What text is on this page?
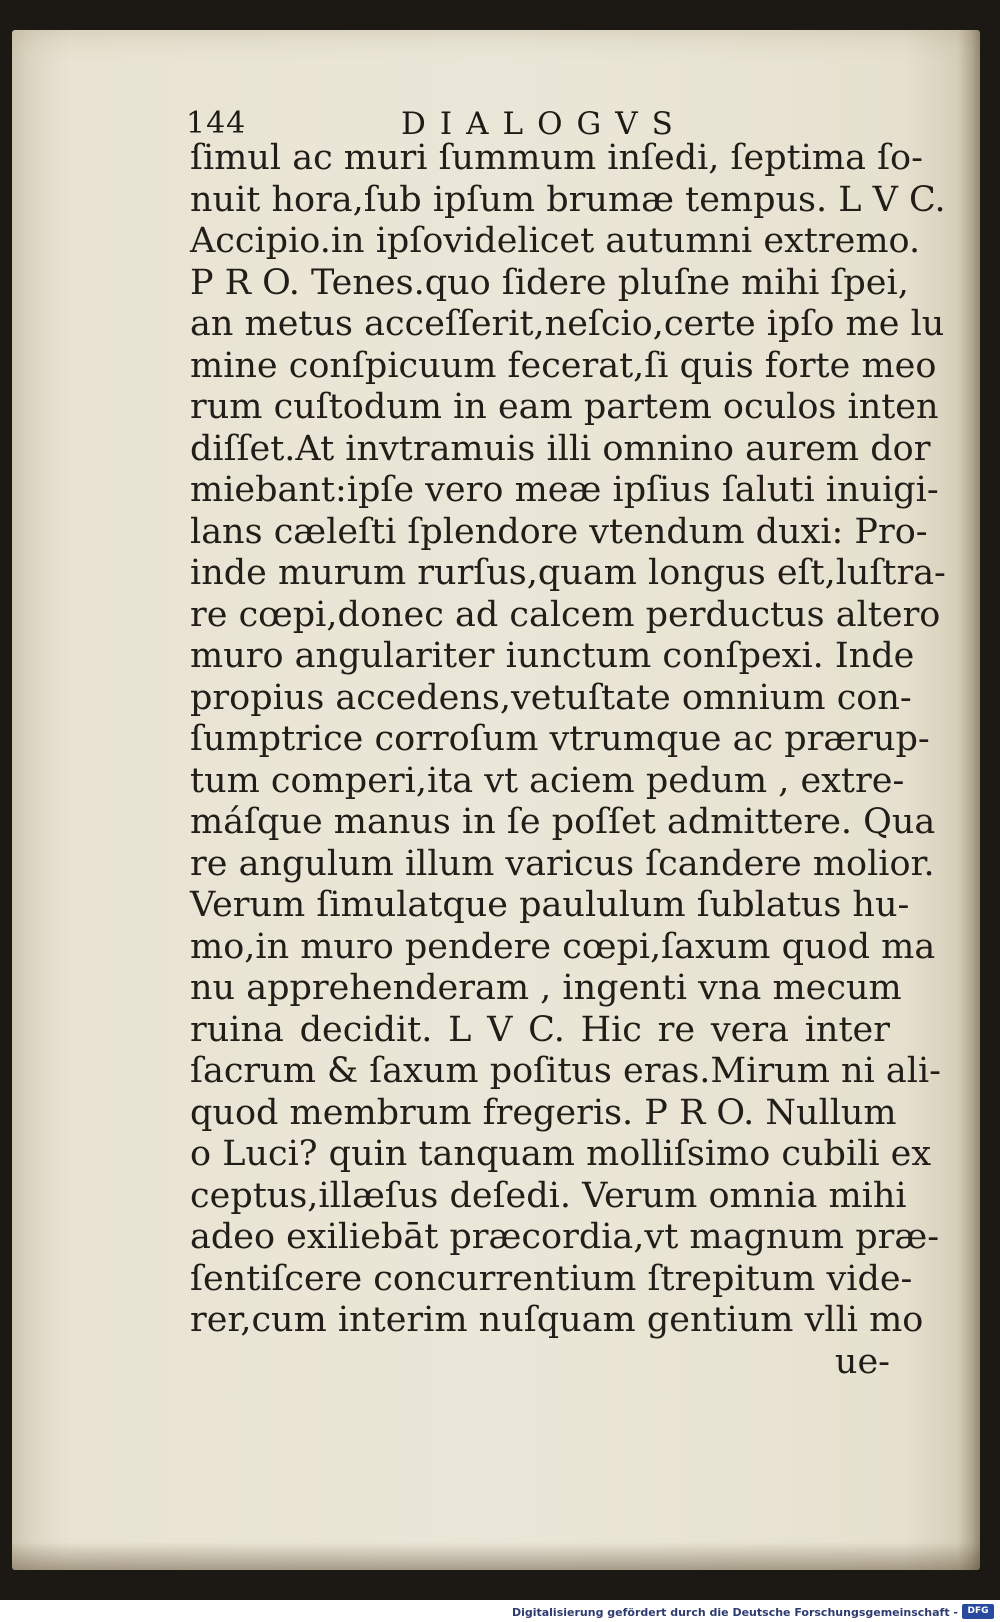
144	DIALOGVS
ſimul ac muri ſummum inſedi, ſeptima ſo-
nuit hora,ſub ipſum brumæ tempus. L V C.
Accipio.in ipſovidelicet autumni extremo.
P R O. Tenes.quo ſidere pluſne mihi ſpei,
an metus acceſſerit,neſcio,certe ipſo me lu
mine conſpicuum fecerat,ſi quis forte meo
rum cuſtodum in eam partem oculos inten
diſſet.At invtramuis illi omnino aurem dor
miebant:ipſe vero meæ ipſius ſaluti inuigi-
lans cæleſti ſplendore vtendum duxi: Pro-
inde murum rurſus,quam longus eſt,luſtra-
re cœpi,donec ad calcem perductus altero
muro angulariter iunctum conſpexi. Inde
propius accedens,vetuſtate omnium con-
ſumptrice corroſum vtrumque ac prærup-
tum comperi,ita vt aciem pedum , extre-
máſque manus in ſe poſſet admittere. Qua
re angulum illum varicus ſcandere molior.
Verum ſimulatque paululum ſublatus hu-
mo,in muro pendere cœpi,ſaxum quod ma
nu apprehenderam , ingenti vna mecum
ruina decidit. L V C. Hic re vera inter
ſacrum & ſaxum poſitus eras.Mirum ni ali-
quod membrum fregeris. P R O. Nullum
o Luci? quin tanquam molliſsimo cubili ex
ceptus,illæſus deſedi. Verum omnia mihi
adeo exiliebāt præcordia,vt magnum præ-
ſentiſcere concurrentium ſtrepitum vide-
rer,cum interim nuſquam gentium vlli mo
ue-
Digitalisierung gefördert durch die Deutsche Forschungsgemeinschaft -	DFG
